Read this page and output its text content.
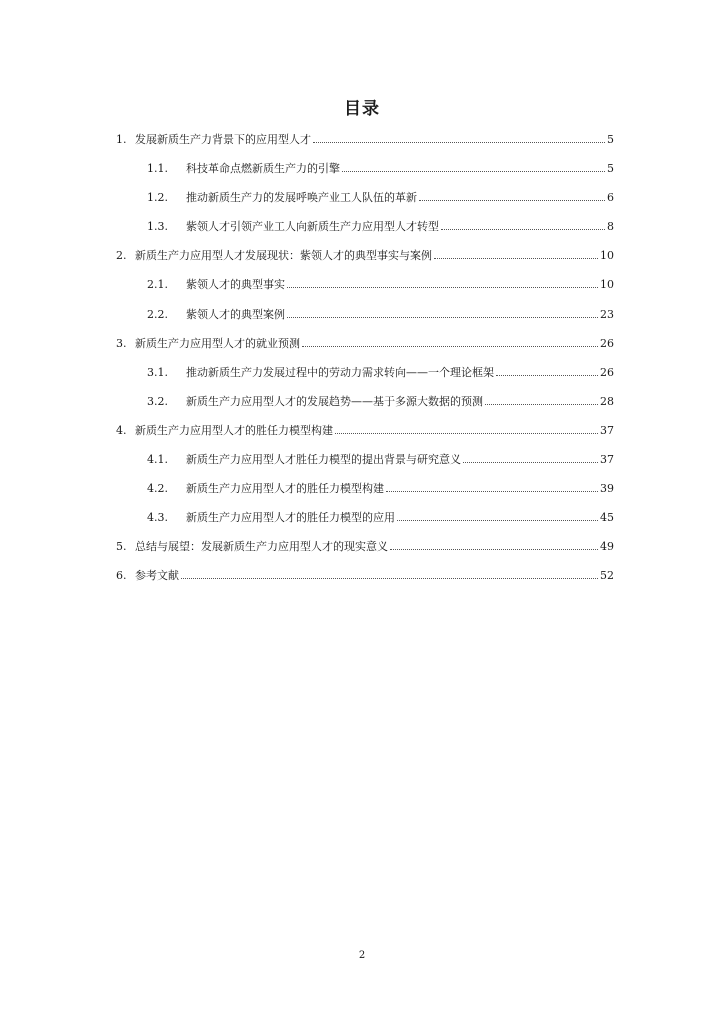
目录
1. 发展新质生产力背景下的应用型人才	5
1.1.	科技革命点燃新质生产力的引擎	5
1.2.	推动新质生产力的发展呼唤产业工人队伍的革新	6
1.3.	紫领人才引领产业工人向新质生产力应用型人才转型	8
2. 新质生产力应用型人才发展现状：紫领人才的典型事实与案例	10
2.1.	紫领人才的典型事实	10
2.2.	紫领人才的典型案例	23
3. 新质生产力应用型人才的就业预测	26
3.1.	推动新质生产力发展过程中的劳动力需求转向——一个理论框架	26
3.2.	新质生产力应用型人才的发展趋势——基于多源大数据的预测	28
4. 新质生产力应用型人才的胜任力模型构建	37
4.1.	新质生产力应用型人才胜任力模型的提出背景与研究意义	37
4.2.	新质生产力应用型人才的胜任力模型构建	39
4.3.	新质生产力应用型人才的胜任力模型的应用	45
5. 总结与展望：发展新质生产力应用型人才的现实意义	49
6. 参考文献	52
2
